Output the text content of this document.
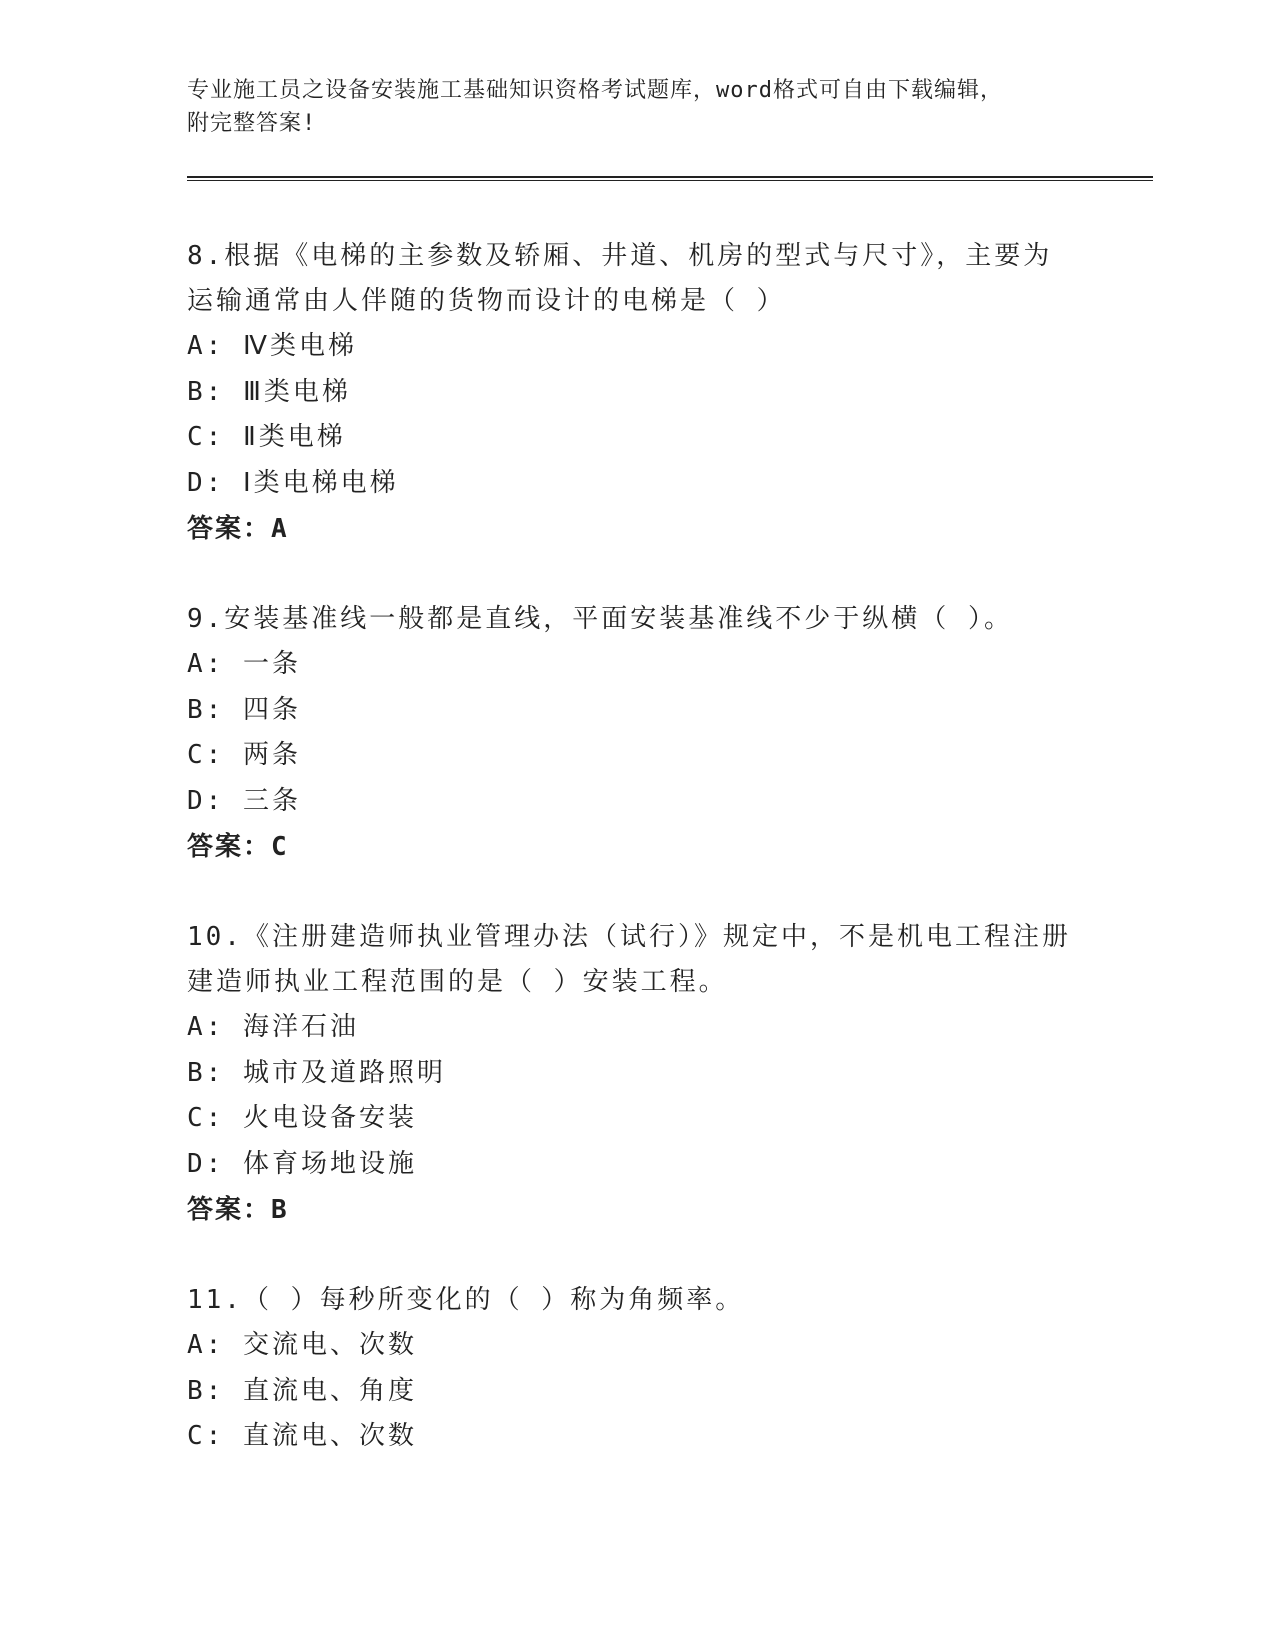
专业施工员之设备安装施工基础知识资格考试题库，word格式可自由下载编辑，
附完整答案!
8.根据《电梯的主参数及轿厢、井道、机房的型式与尺寸》，主要为
运输通常由人伴随的货物而设计的电梯是（ ）
A: Ⅳ类电梯
B: Ⅲ类电梯
C: Ⅱ类电梯
D: Ⅰ类电梯电梯
答案：A
9.安装基准线一般都是直线，平面安装基准线不少于纵横（ ）。
A: 一条
B: 四条
C: 两条
D: 三条
答案：C
10.《注册建造师执业管理办法（试行）》规定中，不是机电工程注册
建造师执业工程范围的是（ ）安装工程。
A: 海洋石油
B: 城市及道路照明
C: 火电设备安装
D: 体育场地设施
答案：B
11.（ ）每秒所变化的（ ）称为角频率。
A: 交流电、次数
B: 直流电、角度
C: 直流电、次数
